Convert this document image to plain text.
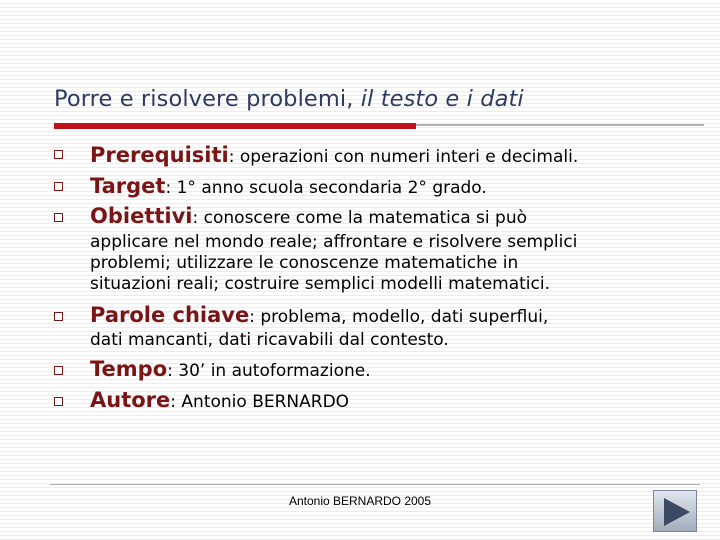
Porre e risolvere problemi, il testo e i dati
Prerequisiti: operazioni con numeri interi e decimali.
Target: 1° anno scuola secondaria 2° grado.
Obiettivi: conoscere come la matematica si può
applicare nel mondo reale; affrontare e risolvere semplici
problemi; utilizzare le conoscenze matematiche in
situazioni reali; costruire semplici modelli matematici.
Parole chiave: problema, modello, dati superflui,
dati mancanti, dati ricavabili dal contesto.
Tempo: 30’ in autoformazione.
Autore: Antonio BERNARDO
Antonio BERNARDO 2005
